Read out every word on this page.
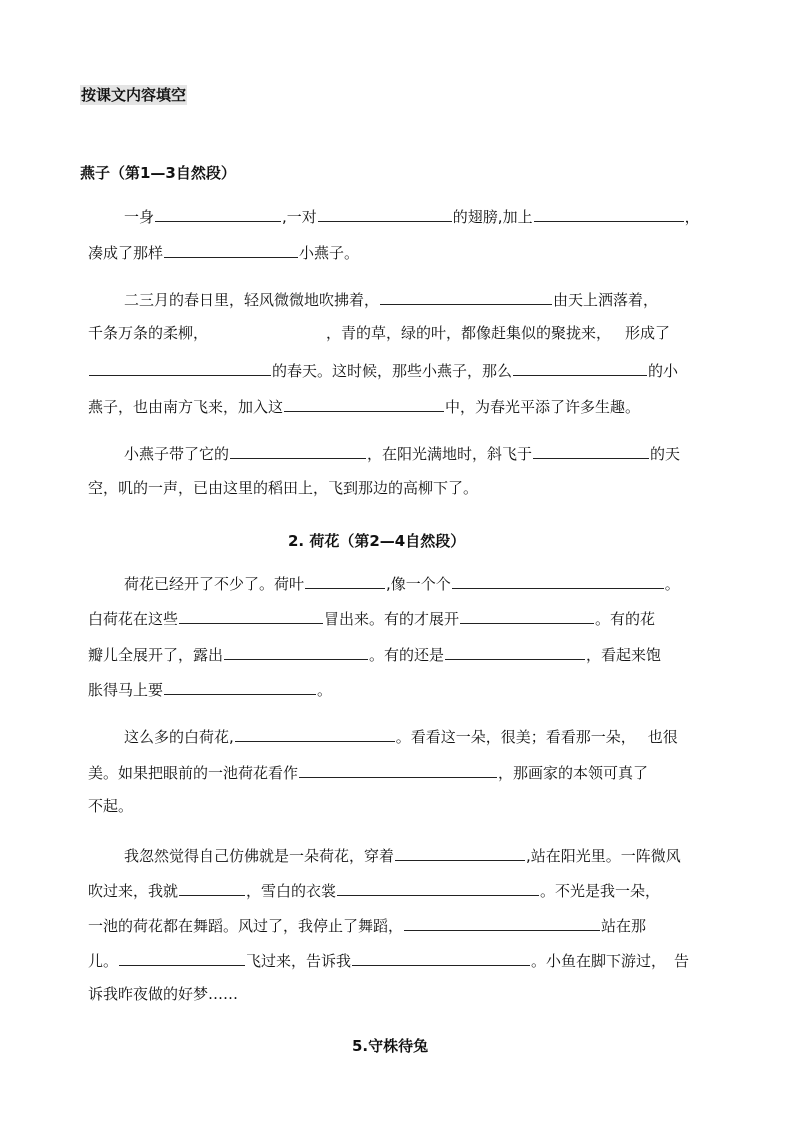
按课文内容填空
燕子（第1—3自然段）
一身	,一对	的翅膀,加上	，
凑成了那样	小燕子。
二三月的春日里，轻风微微地吹拂着，	由天上洒落着，
千条万条的柔柳，	，青的草，绿的叶，都像赶集似的聚拢来， 形成了
的春天。这时候，那些小燕子，那么	的小
燕子，也由南方飞来，加入这	中，为春光平添了许多生趣。
小燕子带了它的	，在阳光满地时，斜飞于	的天
空，叽的一声，已由这里的稻田上，飞到那边的高柳下了。
2. 荷花（第2—4自然段）
荷花已经开了不少了。荷叶	,像一个个	。
白荷花在这些	冒出来。有的才展开	。有的花
瓣儿全展开了，露出	。有的还是	，看起来饱
胀得马上要	。
这么多的白荷花,	。看看这一朵，很美；看看那一朵， 也很
美。如果把眼前的一池荷花看作	，那画家的本领可真了
不起。
我忽然觉得自己仿佛就是一朵荷花，穿着	,站在阳光里。一阵微风
吹过来，我就	，雪白的衣裳	。不光是我一朵，
一池的荷花都在舞蹈。风过了，我停止了舞蹈，	站在那
儿。	飞过来，告诉我	。小鱼在脚下游过， 告
诉我昨夜做的好梦……
5.守株待兔
